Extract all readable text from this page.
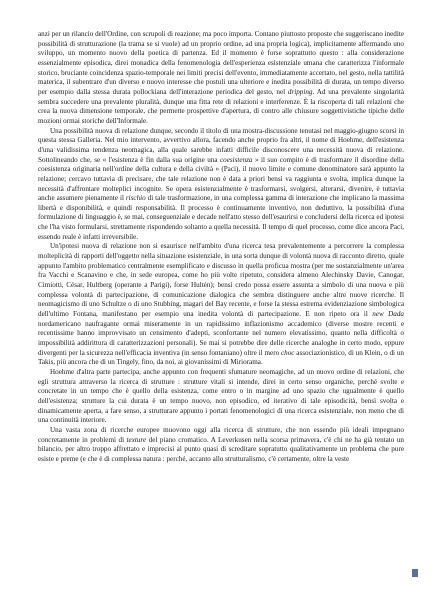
anzi per un rilancio dell'Ordine, con scrupoli di reazione; ma poco importa. Contano piuttosto proposte che suggeriscano inedite possibilità di strutturazione (la trama se si vuole) ad un proprio ordine, ad una propria logica), implicitamente affermando uno sviluppo, un momento nuovo della poetica di partenza. Ed il momento è forse soprattutto questo : alla considerazione essenzialmente episodica, direi monadica della fenomenologia dell'esperienza esistenziale umana che caratterizza l'informale storico, bruciante coincidenza spazio-temporale nei limiti precisi dell'evento, immediatamente accertato, nel gesto, nella tattilità materica, il subentrare d'un diverso e nuovo interesse che postuli una ulteriore e inedita possibilità di durata, un tempo diverso per esempio dalla stessa durata pollockiana dell'interazione periodica del gesto, nel dripping. Ad una prevalente singolarità sembra succedere una prevalente pluralità, dunque una fitta rete di relazioni e interferenze. È la riscoperta di tali relazioni che crea la nuova dimensione temporale, che permette prospettive d'apertura, di contro alle chiusure soggettivistiche tipiche delle mozioni ormai storiche dell'Informale.

Una possibilità nuova di relazione dunque, secondo il titolo di una mostra-discussione tenutasi nel maggio-giugno scorsi in questa stessa Galleria. Nel mio intervento, avvertivo allora, facendo anche proprio fra altri, il nome di Hoehme, dell'esistenza d'una validissima tendenza neomagica, alla quale sarebbe infatti difficile disconoscere una necessità nuova di relazione. Sottolineando che, se « l'esistenza è fin dalla sua origine una coesistenza » il suo compito è di trasformare il disordine della coesistenza originaria nell'ordine della cultura e della civiltà » (Paci), il nuovo limite e comune denominatore sarà appunto la relazione; cercavo tuttavia di precisare, che tale relazione non è data a priori bensì va raggiunta e svolta, implica dunque la necessità d'affrontare molteplici incognite. Se opera esistenzialmente è trasformarsi, svolgersi, alterarsi, divenire, è tuttavia anche assumere pienamente il rischio di tale trasformazione, in una complessa gamma di interazione che implicano la massima libertà e disponibilità, e quindi responsabilità. Il processo è continuamente inventivo, non deduttivo, la possibilità d'una formulazione di linguaggio è, se mai, conseguenziale e decade nell'atto stesso dell'esaurirsi e concludersi della ricerca ed ipotesi che l'ha visto formularsi, strettamente rispondendo soltanto a quella necessità. Il tempo di quel processo, come dice ancora Paci, essendo reale è infatti irreversibile.

Un'ipotesi nuova di relazione non si esaurisce nell'ambito d'una ricerca tesa prevalentemente a percorrere la complessa molteplicità di rapporti dell'oggetto nella situazione esistenziale, in una sorta dunque di volontà nuova di racconto diretto, quale appunto l'ambito problematico centralmente esemplificato e discusso in quella proficua mostra (per me sostanzialmente un'area fra Vacchi e Scanavino e che, in sede europea, come ho più volte ripetuto, considera almeno Alechinsky Davie, Canogar, Cimiotti, César, Hultberg (operante a Parigi), forse Hultén); bensì credo possa essere assunta a simbolo di una nuova e più complessa volontà di partecipazione, di comunicazione dialogica che sembra distinguere anche altre nuove ricerche. Il neomagicismo di uno Schultze o di uno Stubbing, magari del Bay recente, e forse la stessa estrema evidenziazione simbologica dell'ultimo Fontana, manifestano per esempio una inedita volontà di partecipazione. E non ripeto ora il new Dada nordamericano naufragante ormai miseramente in un rapidissimo inflazionismo accademico (diverse mostre recenti e recentissime hanno improvvisato un censimento d'adepti, sconfortante nel numero elevatissimo, quanto nella difficoltà o impossibilità addirittura di caratterizzazioni personali). Se mai si potrebbe dire delle ricerche analoghe in certo modo, eppure divergenti per la sicurezza nell'efficacia inventiva (in senso fontaniano) oltre il mero choc associazionistico, di un Klein, o di un Takis, più ancora che di un Tingely, fino, da noi, ai giovanissimi di Miriorama.

Hoehme d'altra parte partecipa, anche appunto con frequenti sfumature neomagiche, ad un nuovo ordine di relazioni, che egli struttura attraverso la ricerca di strutture : strutture vitali si intende, direi in certo senso organiche, perché svolte e concretate in un tempo che è quello della esistenza, come entro o in margine ad uno spazio che ugualmente è quello dell'esistenza; strutture la cui durata è un tempo nuovo, non episodico, ed iterativo di tale episodicità, bensì svolta e dinamicamente aperta, a fare senso, a strutturare appunto i portati fenomenologici di una ricerca esistenziale, non meno che di una continuità interiore.

Una vasta zona di ricerche europee muovono oggi alla ricerca di strutture, che non essendo più ideali impegnano concretamente in problemi di texture del piano cromatico. A Leverkusen nella scorsa primavera, c'è chi ne ha già tentato un bilancio, per altro troppo affrettato e imprecisi al punto quasi di screditare sopratutto qualitativamente un problema che pure esiste e preme (e che è di complessa natura : perché, accanto allo strutturalismo, c'è certamente, oltre la veste
